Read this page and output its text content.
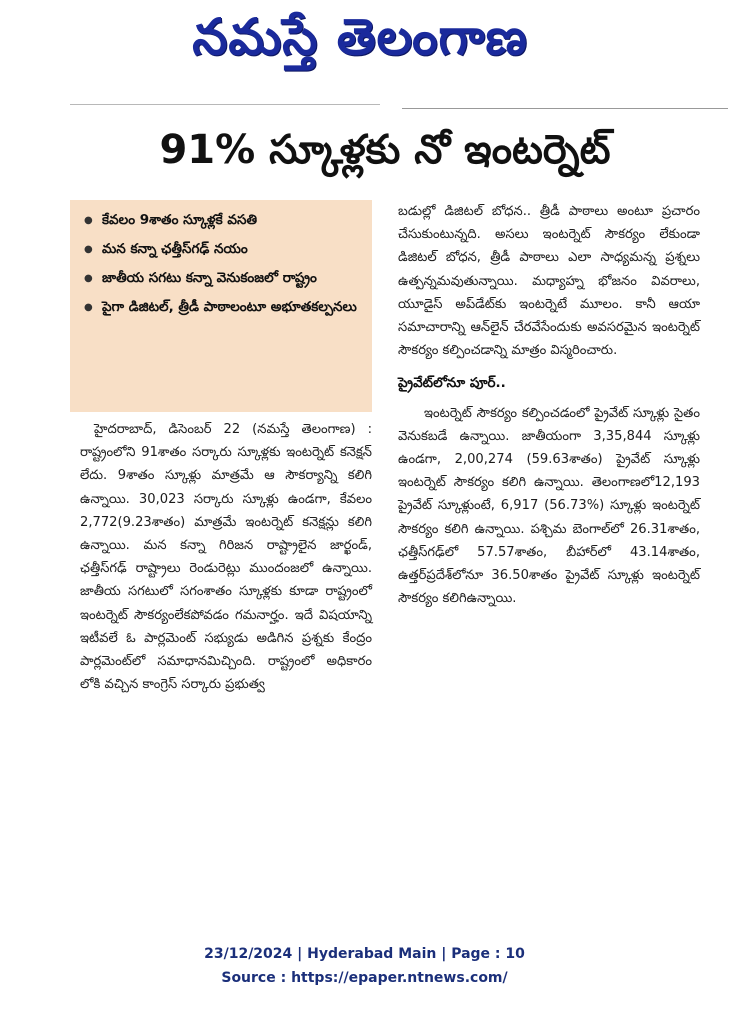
నమస్తే తెలంగాణ
91% స్కూళ్లకు నో ఇంటర్నెట్
● కేవలం 9శాతం స్కూళ్లకే వసతి
● మన కన్నా ఛత్తీస్‌గఢ్‌ నయం
● జాతీయ సగటు కన్నా వెనుకంజలో రాష్ట్రం
● పైగా డిజిటల్‌, త్రీడీ పాఠాలంటూ అభూతకల్పనలు

హైదరాబాద్‌, డిసెంబర్‌ 22 (నమస్తే తెలంగాణ) : రాష్ట్రంలోని 91శాతం సర్కారు స్కూళ్లకు ఇంటర్నెట్‌ కనెక్షన్‌ లేదు. 9శాతం స్కూళ్లు మాత్రమే ఆ సౌకర్యాన్ని కలిగి ఉన్నాయి. 30,023 సర్కారు స్కూళ్లు ఉండగా, కేవలం 2,772(9.23శాతం) మాత్రమే ఇంటర్నెట్‌ కనెక్షన్లు కలిగి ఉన్నాయి. మన కన్నా గిరిజన రాష్ట్రాలైన జార్ఖండ్‌, ఛత్తీస్‌గఢ్‌ రాష్ట్రాలు రెండురెట్లు ముందంజలో ఉన్నాయి. జాతీయ సగటులో సగంశాతం స్కూళ్లకు కూడా రాష్ట్రంలో ఇంటర్నెట్‌ సౌకర్యంలేకపోవడం గమనార్హం. ఇదే విషయాన్ని ఇటీవలే ఓ పార్లమెంట్‌ సభ్యుడు అడిగిన ప్రశ్నకు కేంద్రం పార్లమెంట్‌లో సమాధానమిచ్చింది. రాష్ట్రంలో అధికారం లోకి వచ్చిన కాంగ్రెస్‌ సర్కారు ప్రభుత్వ

బడుల్లో డిజిటల్‌ బోధన.. త్రీడీ పాఠాలు అంటూ ప్రచారం చేసుకుంటున్నది. అసలు ఇంటర్నెట్‌ సౌకర్యం లేకుండా డిజిటల్‌ బోధన, త్రీడీ పాఠాలు ఎలా సాధ్యమన్న ప్రశ్నలు ఉత్పన్నమవుతున్నాయి. మధ్యాహ్న భోజనం వివరాలు, యూడైస్‌ అప్‌డేట్‌కు ఇంటర్నెటే మూలం. కానీ ఆయా సమాచారాన్ని ఆన్‌లైన్‌ చేరవేసేందుకు అవసరమైన ఇంటర్నెట్‌ సౌకర్యం కల్పించడాన్ని మాత్రం విస్మరించారు.

ప్రైవేట్‌లోనూ పూర్‌..

ఇంటర్నెట్‌ సౌకర్యం కల్పించడంలో ప్రైవేట్‌ స్కూళ్లు సైతం వెనుకబడే ఉన్నాయి. జాతీయంగా 3,35,844 స్కూళ్లు ఉండగా, 2,00,274 (59.63శాతం) ప్రైవేట్‌ స్కూళ్లు ఇంటర్నెట్‌ సౌకర్యం కలిగి ఉన్నాయి. తెలంగాణలో12,193 ప్రైవేట్‌ స్కూళ్లుంటే, 6,917 (56.73%) స్కూళ్లు ఇంటర్నెట్‌ సౌకర్యం కలిగి ఉన్నాయి. పశ్చిమ బెంగాల్‌లో 26.31శాతం, ఛత్తీస్‌గఢ్‌లో 57.57శాతం, బీహార్‌లో 43.14శాతం, ఉత్తర్‌ప్రదేశ్‌లోనూ 36.50శాతం ప్రైవేట్‌ స్కూళ్లు ఇంటర్నెట్‌ సౌకర్యం కలిగిఉన్నాయి.

23/12/2024 | Hyderabad Main | Page : 10
Source : https://epaper.ntnews.com/
